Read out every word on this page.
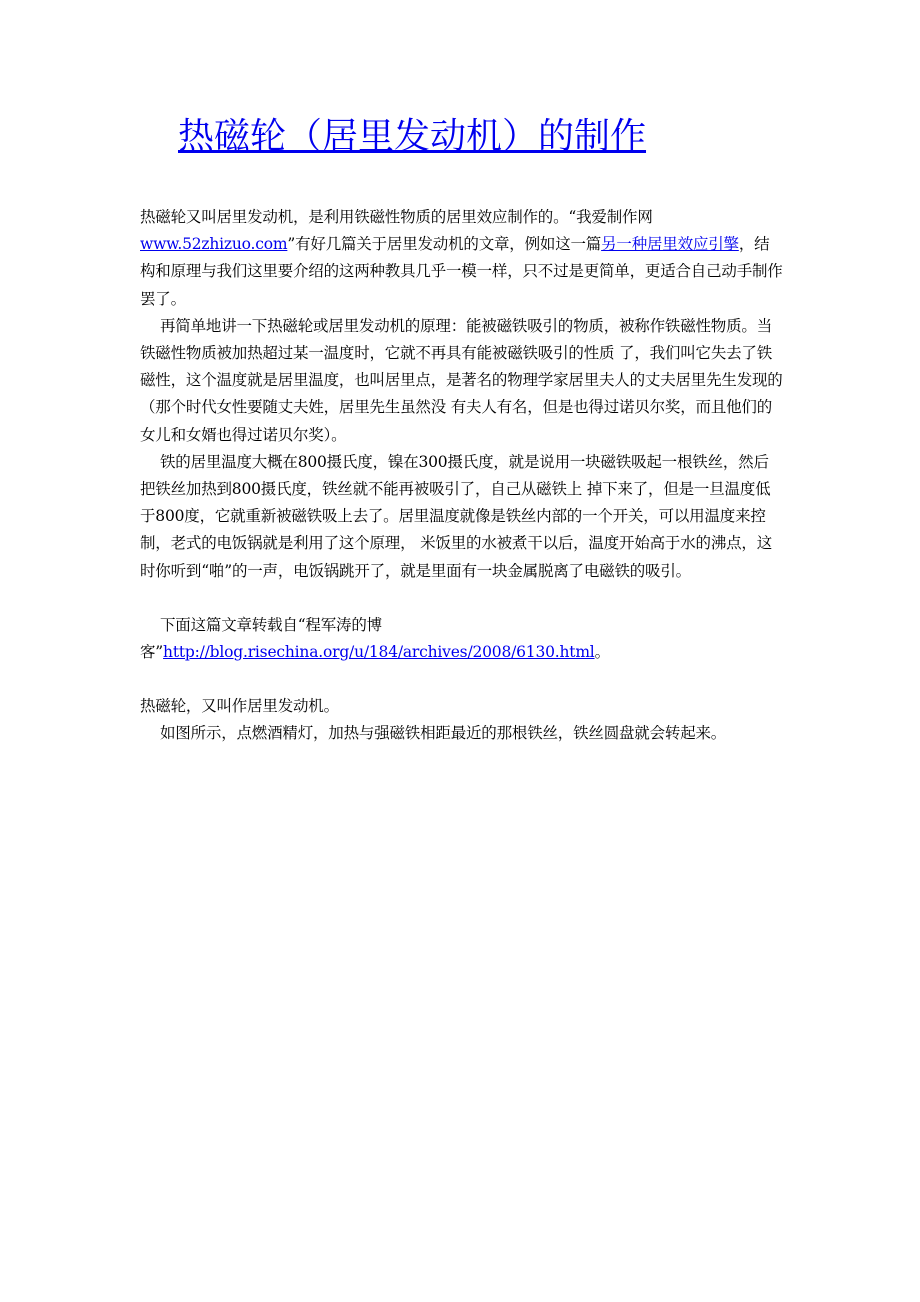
热磁轮（居里发动机）的制作

热磁轮又叫居里发动机，是利用铁磁性物质的居里效应制作的。“我爱制作网www.52zhizuo.com”有好几篇关于居里发动机的文章，例如这一篇另一种居里效应引擎，结构和原理与我们这里要介绍的这两种教具几乎一模一样，只不过是更简单，更适合自己动手制作罢了。

再简单地讲一下热磁轮或居里发动机的原理：能被磁铁吸引的物质，被称作铁磁性物质。当铁磁性物质被加热超过某一温度时，它就不再具有能被磁铁吸引的性质 了，我们叫它失去了铁磁性，这个温度就是居里温度，也叫居里点，是著名的物理学家居里夫人的丈夫居里先生发现的（那个时代女性要随丈夫姓，居里先生虽然没 有夫人有名，但是也得过诺贝尔奖，而且他们的女儿和女婿也得过诺贝尔奖）。

铁的居里温度大概在800摄氏度，镍在300摄氏度，就是说用一块磁铁吸起一根铁丝，然后把铁丝加热到800摄氏度，铁丝就不能再被吸引了，自己从磁铁上 掉下来了，但是一旦温度低于800度，它就重新被磁铁吸上去了。居里温度就像是铁丝内部的一个开关，可以用温度来控制，老式的电饭锅就是利用了这个原理， 米饭里的水被煮干以后，温度开始高于水的沸点，这时你听到“啪”的一声，电饭锅跳开了，就是里面有一块金属脱离了电磁铁的吸引。

下面这篇文章转载自“程军涛的博客”http://blog.risechina.org/u/184/archives/2008/6130.html。

热磁轮，又叫作居里发动机。

如图所示，点燃酒精灯，加热与强磁铁相距最近的那根铁丝，铁丝圆盘就会转起来。
